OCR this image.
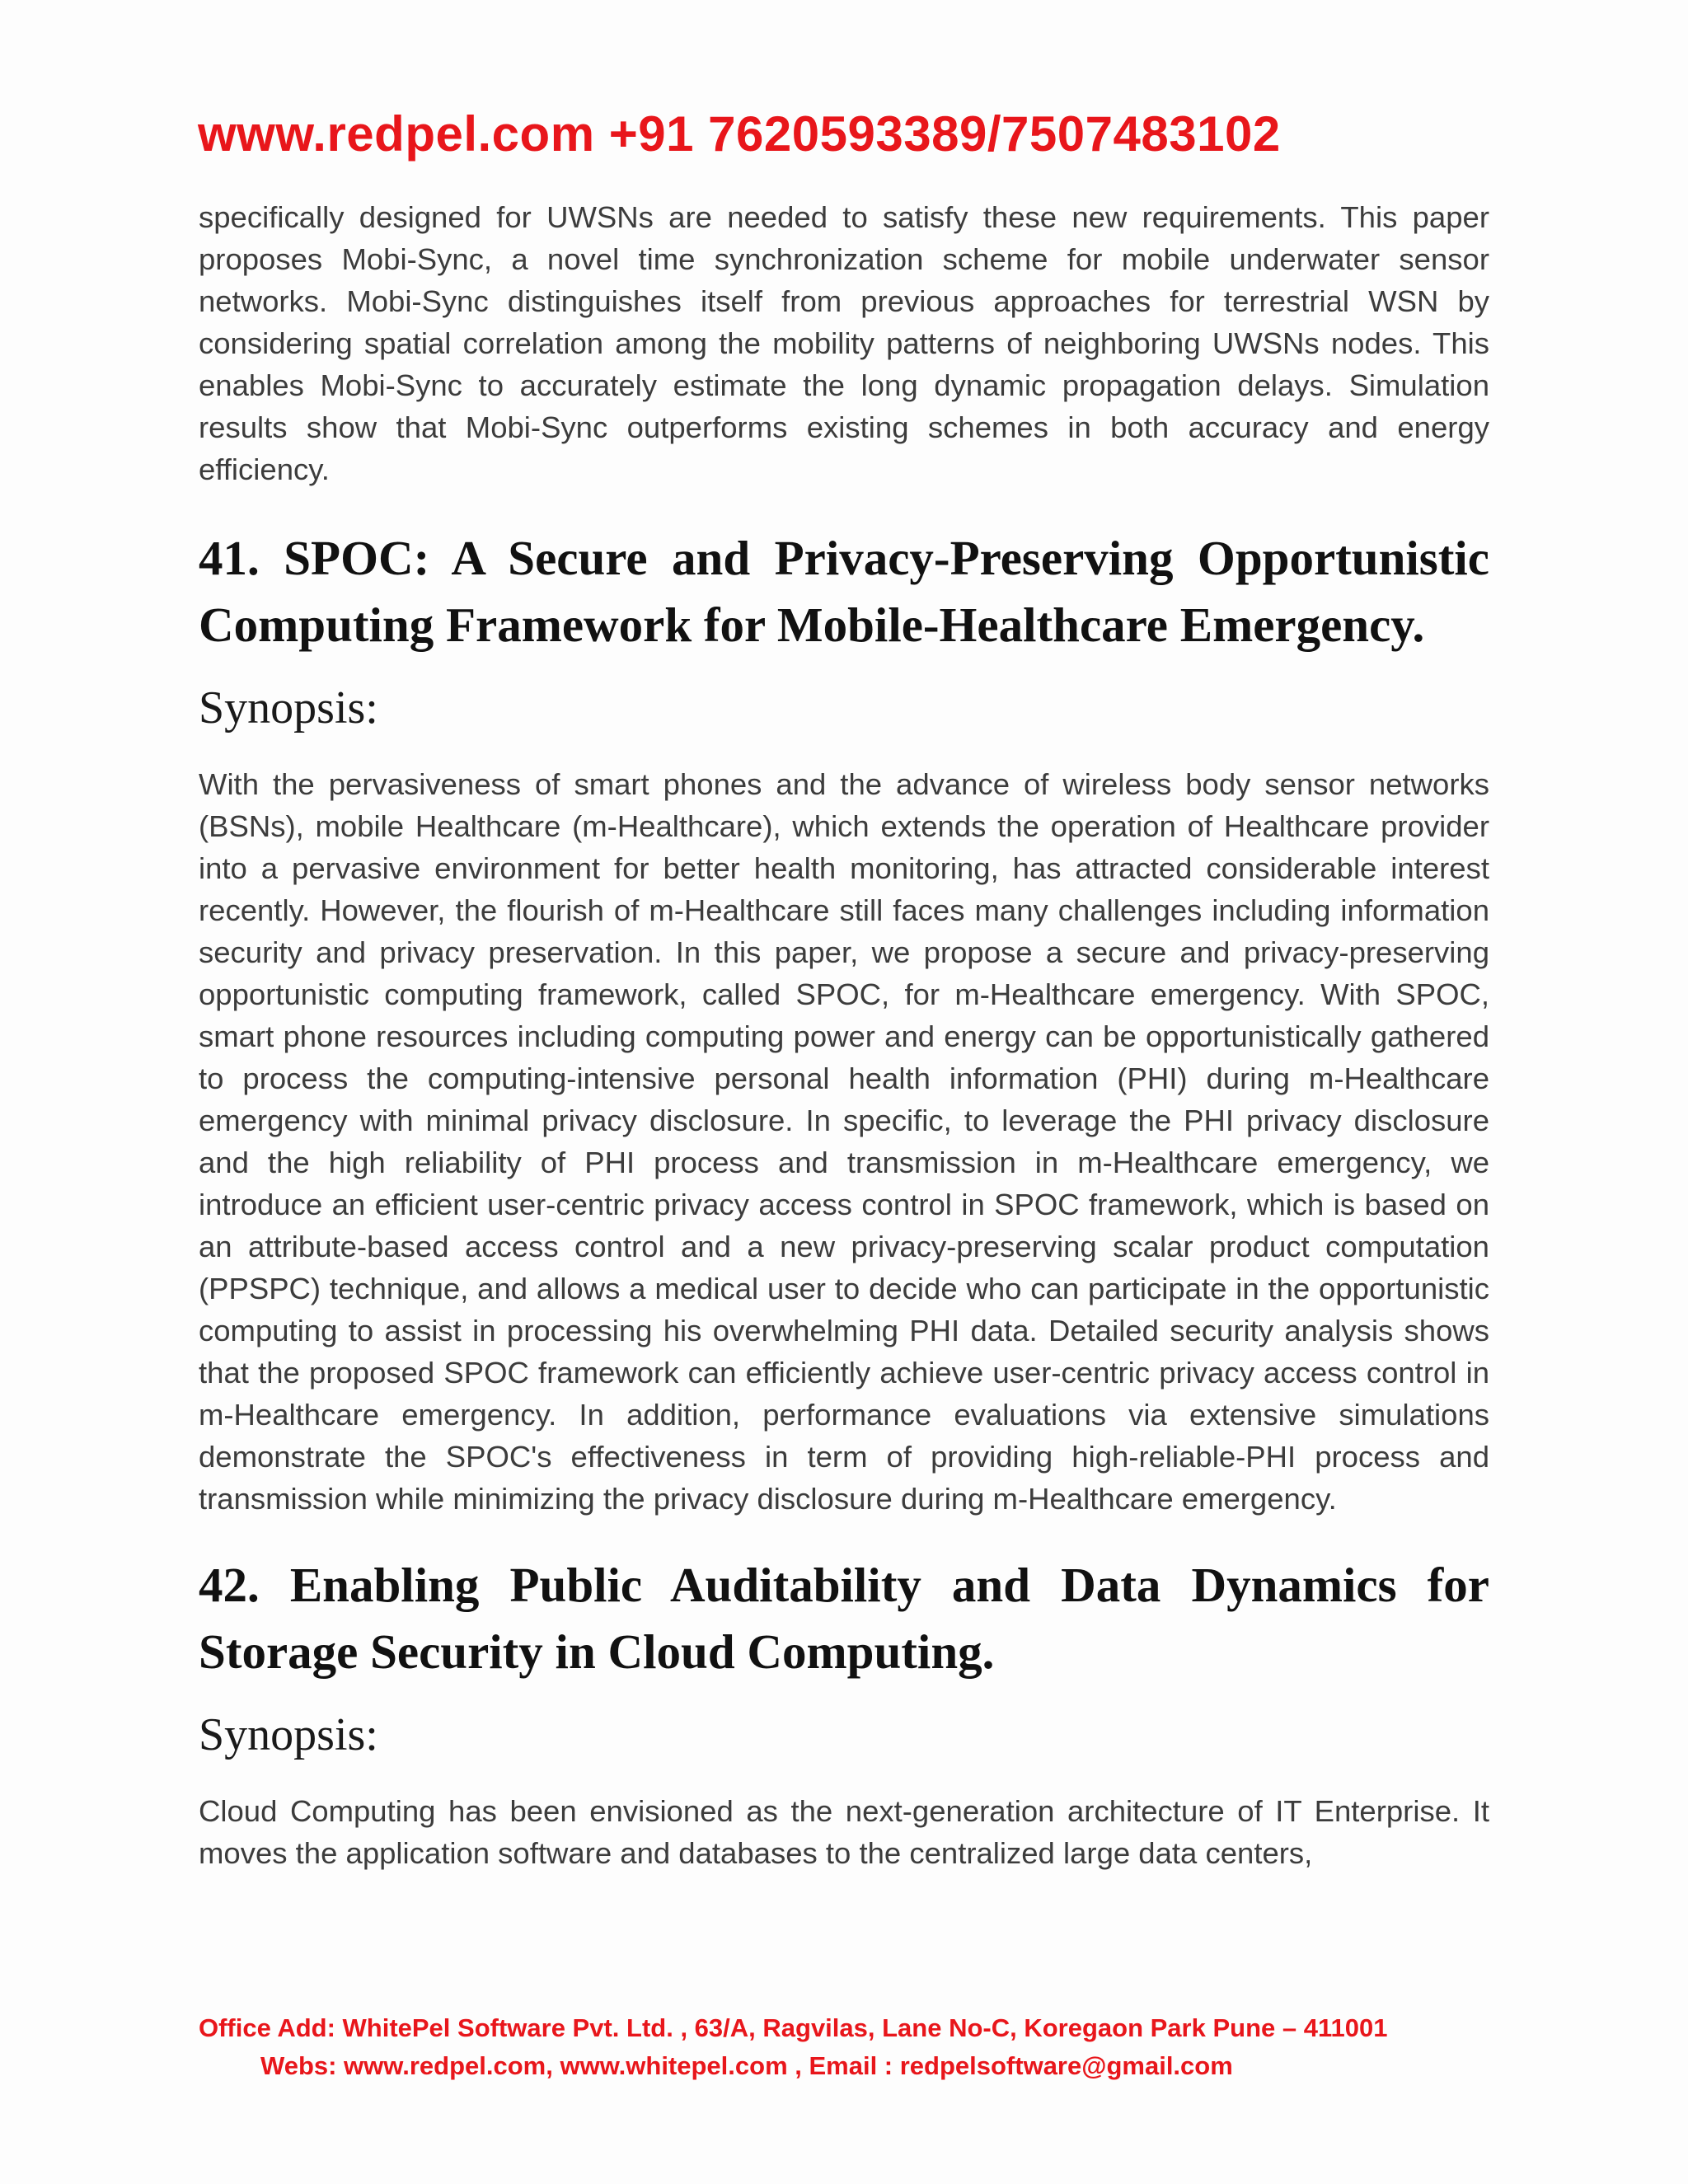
www.redpel.com +91 7620593389/7507483102

specifically designed for UWSNs are needed to satisfy these new requirements. This paper proposes Mobi-Sync, a novel time synchronization scheme for mobile underwater sensor networks. Mobi-Sync distinguishes itself from previous approaches for terrestrial WSN by considering spatial correlation among the mobility patterns of neighboring UWSNs nodes. This enables Mobi-Sync to accurately estimate the long dynamic propagation delays. Simulation results show that Mobi-Sync outperforms existing schemes in both accuracy and energy efficiency.

41. SPOC: A Secure and Privacy-Preserving Opportunistic Computing Framework for Mobile-Healthcare Emergency.

Synopsis:

With the pervasiveness of smart phones and the advance of wireless body sensor networks (BSNs), mobile Healthcare (m-Healthcare), which extends the operation of Healthcare provider into a pervasive environment for better health monitoring, has attracted considerable interest recently. However, the flourish of m-Healthcare still faces many challenges including information security and privacy preservation. In this paper, we propose a secure and privacy-preserving opportunistic computing framework, called SPOC, for m-Healthcare emergency. With SPOC, smart phone resources including computing power and energy can be opportunistically gathered to process the computing-intensive personal health information (PHI) during m-Healthcare emergency with minimal privacy disclosure. In specific, to leverage the PHI privacy disclosure and the high reliability of PHI process and transmission in m-Healthcare emergency, we introduce an efficient user-centric privacy access control in SPOC framework, which is based on an attribute-based access control and a new privacy-preserving scalar product computation (PPSPC) technique, and allows a medical user to decide who can participate in the opportunistic computing to assist in processing his overwhelming PHI data. Detailed security analysis shows that the proposed SPOC framework can efficiently achieve user-centric privacy access control in m-Healthcare emergency. In addition, performance evaluations via extensive simulations demonstrate the SPOC's effectiveness in term of providing high-reliable-PHI process and transmission while minimizing the privacy disclosure during m-Healthcare emergency.

42. Enabling Public Auditability and Data Dynamics for Storage Security in Cloud Computing.

Synopsis:

Cloud Computing has been envisioned as the next-generation architecture of IT Enterprise. It moves the application software and databases to the centralized large data centers,

Office Add: WhitePel Software Pvt. Ltd. , 63/A, Ragvilas, Lane No-C, Koregaon Park Pune – 411001
Webs: www.redpel.com, www.whitepel.com , Email : redpelsoftware@gmail.com
